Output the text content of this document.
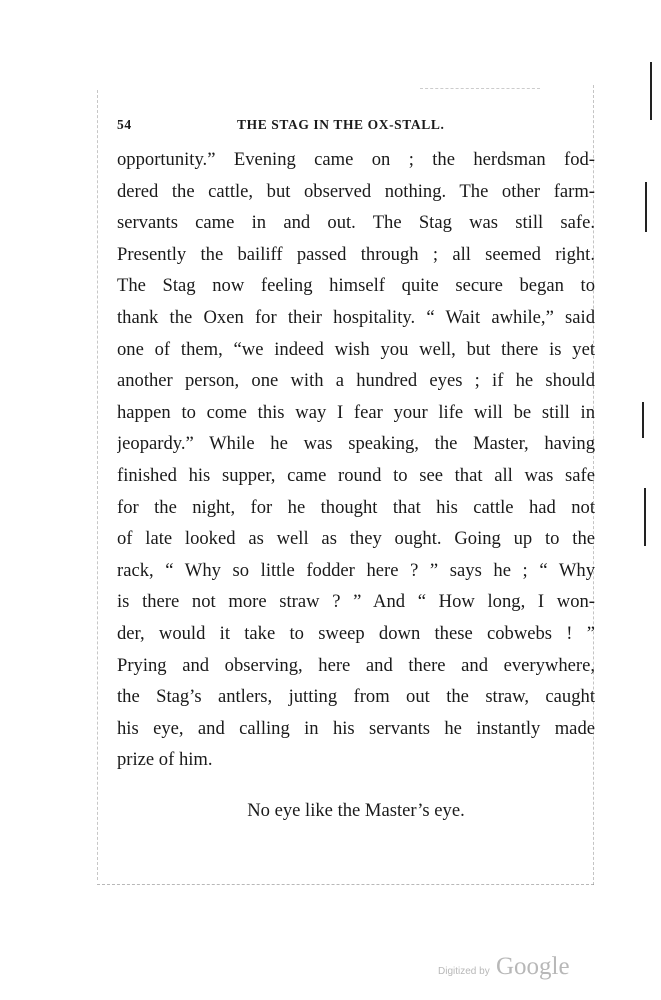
54	THE STAG IN THE OX-STALL.
opportunity.” Evening came on ; the herdsman fod-
dered the cattle, but observed nothing. The other farm-
servants came in and out. The Stag was still safe.
Presently the bailiff passed through ; all seemed right.
The Stag now feeling himself quite secure began to
thank the Oxen for their hospitality. “ Wait awhile,” said
one of them, “we indeed wish you well, but there is yet
another person, one with a hundred eyes ; if he should
happen to come this way I fear your life will be still in
jeopardy.” While he was speaking, the Master, having
finished his supper, came round to see that all was safe
for the night, for he thought that his cattle had not
of late looked as well as they ought. Going up to the
rack, “ Why so little fodder here ? ” says he ; “ Why
is there not more straw ? ” And “ How long, I won-
der, would it take to sweep down these cobwebs ! ”
Prying and observing, here and there and everywhere,
the Stag’s antlers, jutting from out the straw, caught
his eye, and calling in his servants he instantly made
prize of him.
No eye like the Master’s eye.
Digitized by Google
